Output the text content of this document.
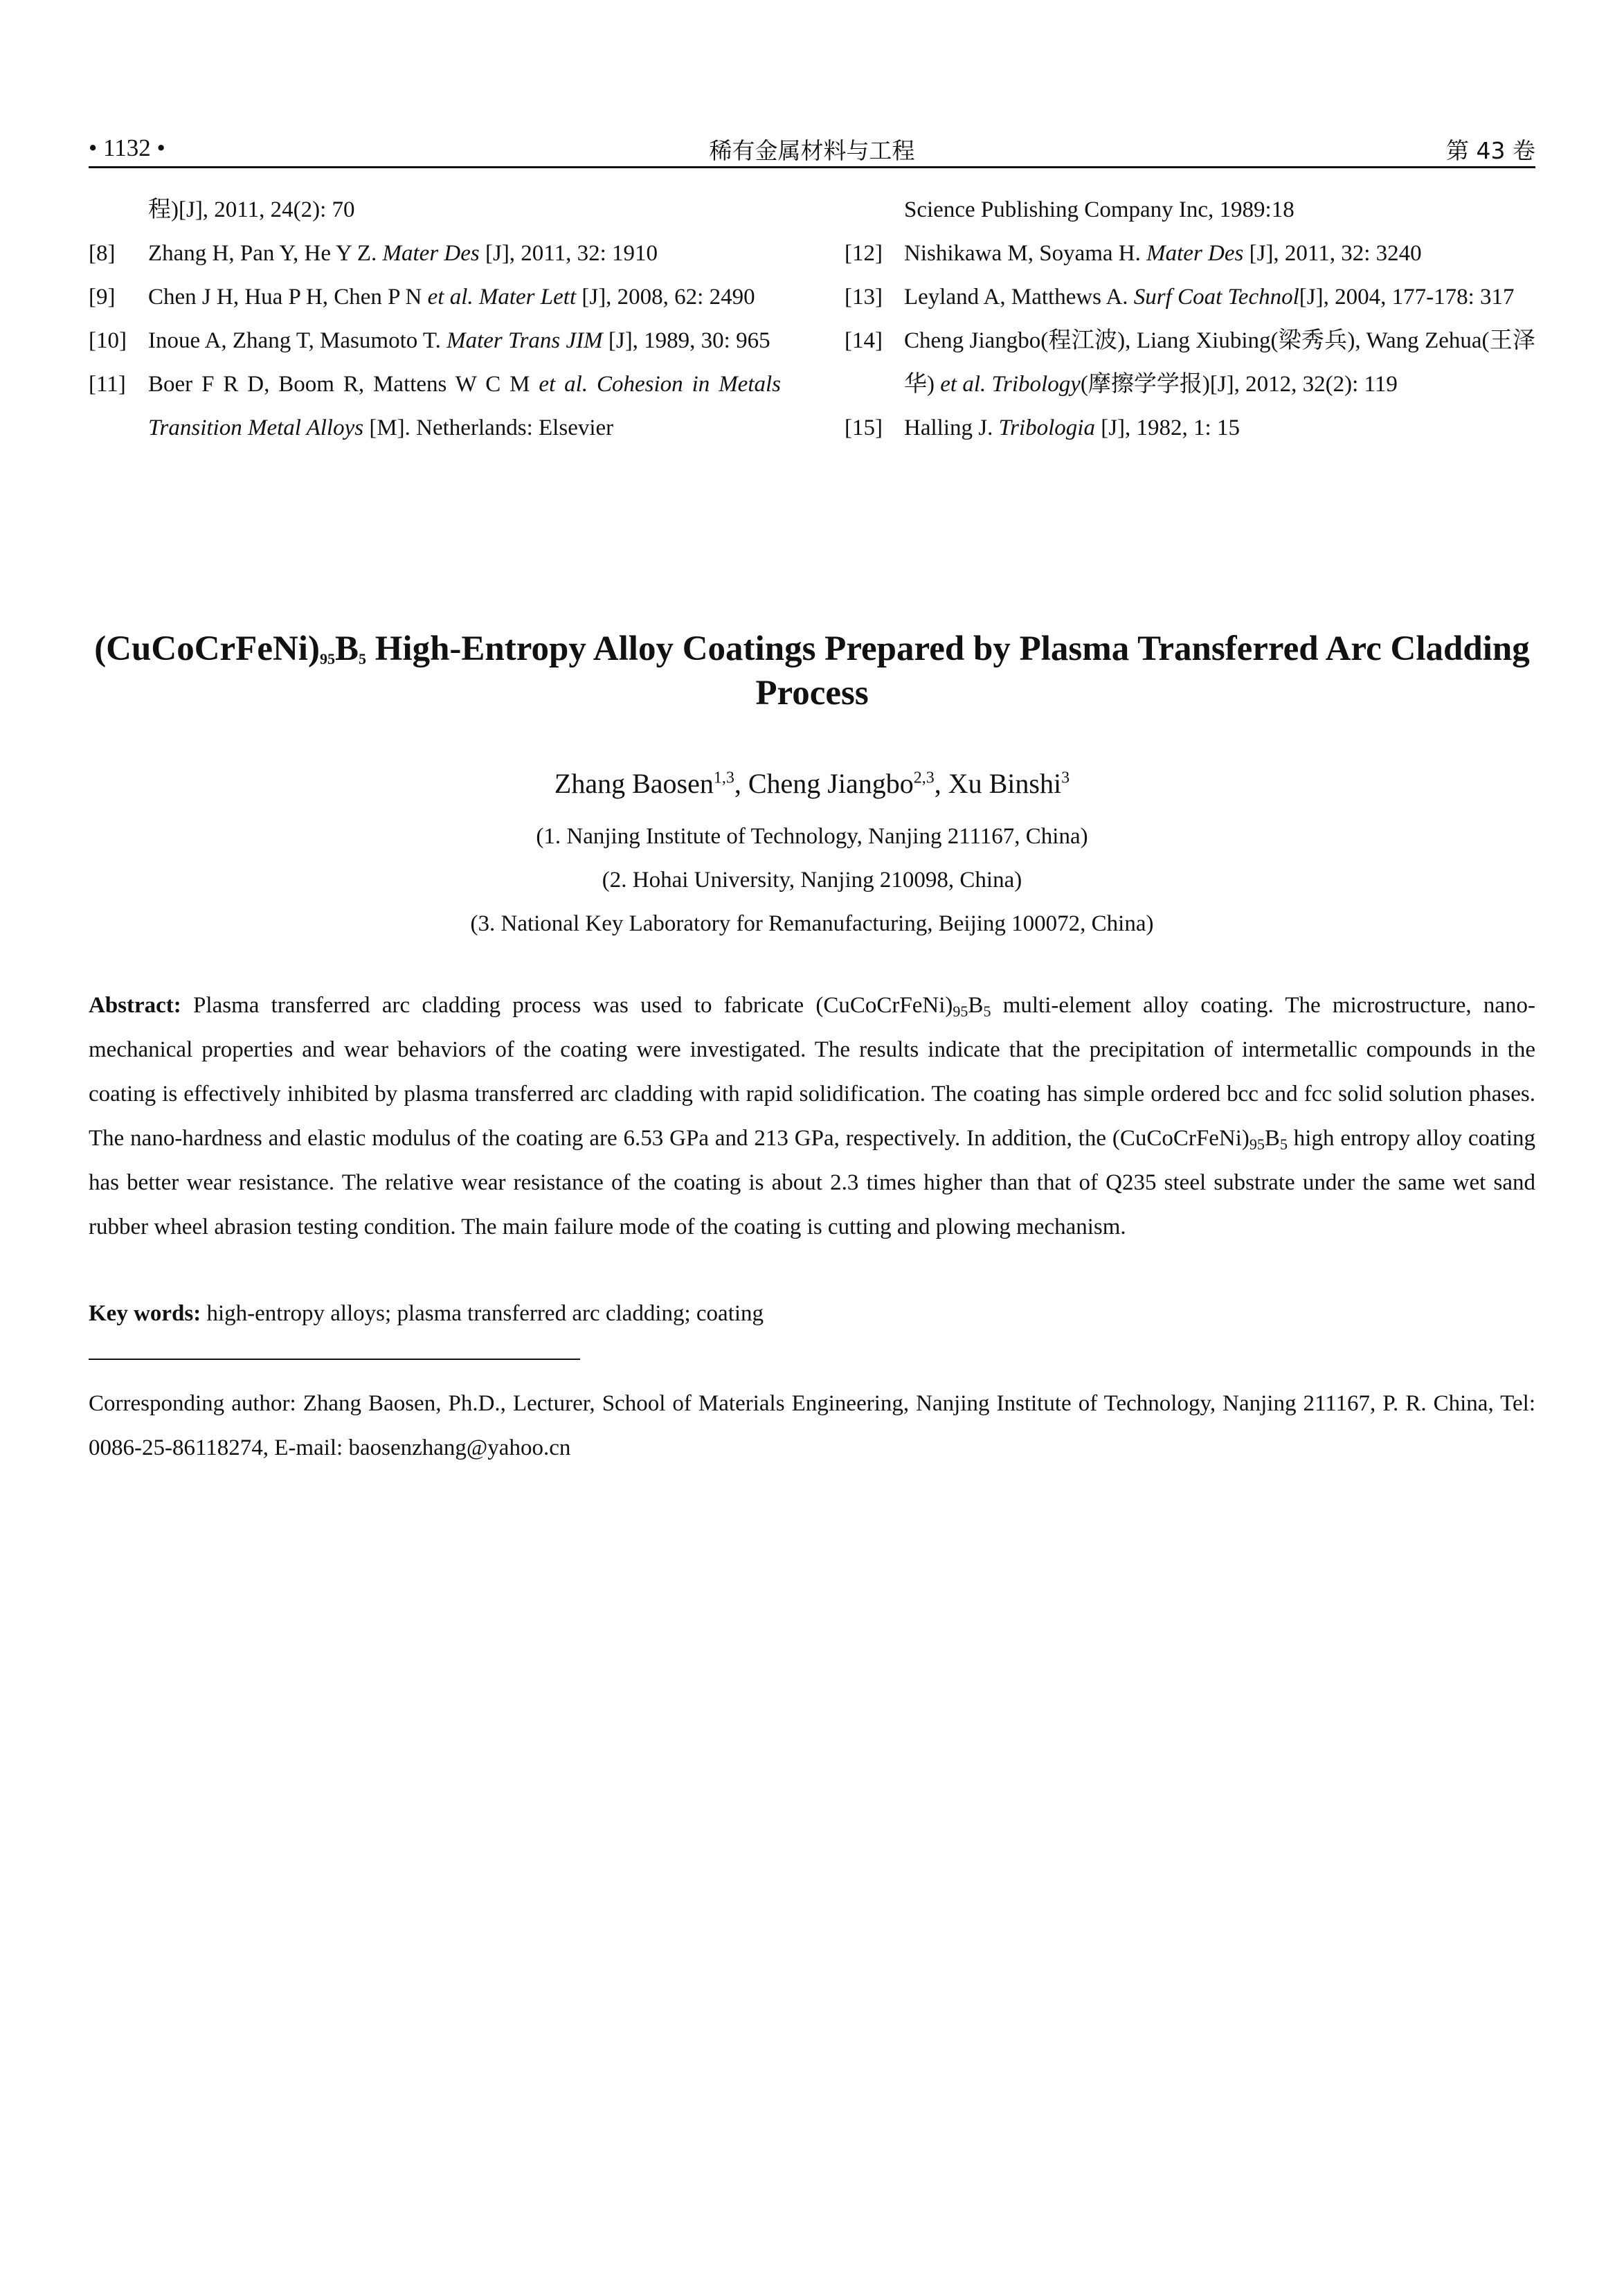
• 1132 •	稀有金属材料与工程	第 43 卷
程)[J], 2011, 24(2): 70
[8] Zhang H, Pan Y, He Y Z. Mater Des [J], 2011, 32: 1910
[9] Chen J H, Hua P H, Chen P N et al. Mater Lett [J], 2008, 62: 2490
[10] Inoue A, Zhang T, Masumoto T. Mater Trans JIM [J], 1989, 30: 965
[11] Boer F R D, Boom R, Mattens W C M et al. Cohesion in Metals Transition Metal Alloys [M]. Netherlands: Elsevier
Science Publishing Company Inc, 1989:18
[12] Nishikawa M, Soyama H. Mater Des [J], 2011, 32: 3240
[13] Leyland A, Matthews A. Surf Coat Technol[J], 2004, 177-178: 317
[14] Cheng Jiangbo(程江波), Liang Xiubing(梁秀兵), Wang Zehua(王泽华) et al. Tribology(摩擦学学报)[J], 2012, 32(2): 119
[15] Halling J. Tribologia [J], 1982, 1: 15
$(CuCoCrFeNi)_{95}B_5$ High-Entropy Alloy Coatings Prepared by Plasma Transferred Arc Cladding Process
Zhang Baosen$^{1,3}$, Cheng Jiangbo$^{2,3}$, Xu Binshi$^3$
(1. Nanjing Institute of Technology, Nanjing 211167, China)
(2. Hohai University, Nanjing 210098, China)
(3. National Key Laboratory for Remanufacturing, Beijing 100072, China)
Abstract: Plasma transferred arc cladding process was used to fabricate $(CuCoCrFeNi)_{95}B_5$ multi-element alloy coating. The microstructure, nano-mechanical properties and wear behaviors of the coating were investigated. The results indicate that the precipitation of intermetallic compounds in the coating is effectively inhibited by plasma transferred arc cladding with rapid solidification. The coating has simple ordered bcc and fcc solid solution phases. The nano-hardness and elastic modulus of the coating are 6.53 GPa and 213 GPa, respectively. In addition, the $(CuCoCrFeNi)_{95}B_5$ high entropy alloy coating has better wear resistance. The relative wear resistance of the coating is about 2.3 times higher than that of Q235 steel substrate under the same wet sand rubber wheel abrasion testing condition. The main failure mode of the coating is cutting and plowing mechanism.
Key words: high-entropy alloys; plasma transferred arc cladding; coating
Corresponding author: Zhang Baosen, Ph.D., Lecturer, School of Materials Engineering, Nanjing Institute of Technology, Nanjing 211167, P. R. China, Tel: 0086-25-86118274, E-mail: baosenzhang@yahoo.cn
